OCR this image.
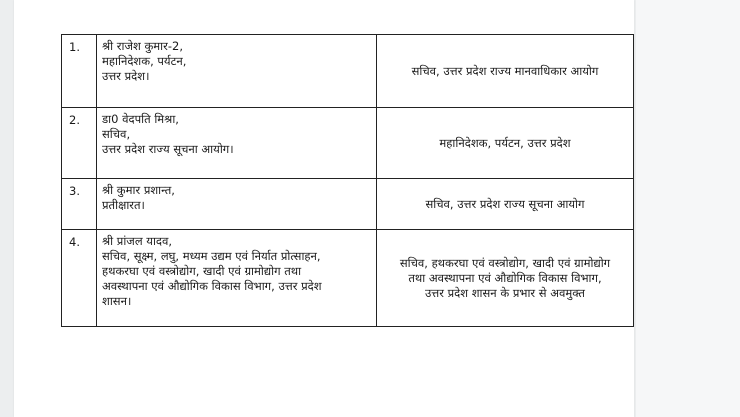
1.	श्री राजेश कुमार-2,
महानिदेशक, पर्यटन,
उत्तर प्रदेश।	सचिव, उत्तर प्रदेश राज्य मानवाधिकार आयोग

2.	डा0 वेदपति मिश्रा,
सचिव,
उत्तर प्रदेश राज्य सूचना आयोग।	महानिदेशक, पर्यटन, उत्तर प्रदेश

3.	श्री कुमार प्रशान्त,
प्रतीक्षारत।	सचिव, उत्तर प्रदेश राज्य सूचना आयोग

4.	श्री प्रांजल यादव,
सचिव, सूक्ष्म, लघु, मध्यम उद्यम एवं निर्यात प्रोत्साहन,
हथकरघा एवं वस्त्रोद्योग, खादी एवं ग्रामोद्योग तथा
अवस्थापना एवं औद्योगिक विकास विभाग, उत्तर प्रदेश
शासन।	सचिव, हथकरघा एवं वस्त्रोद्योग, खादी एवं ग्रामोद्योग
तथा अवस्थापना एवं औद्योगिक विकास विभाग,
उत्तर प्रदेश शासन के प्रभार से अवमुक्त
